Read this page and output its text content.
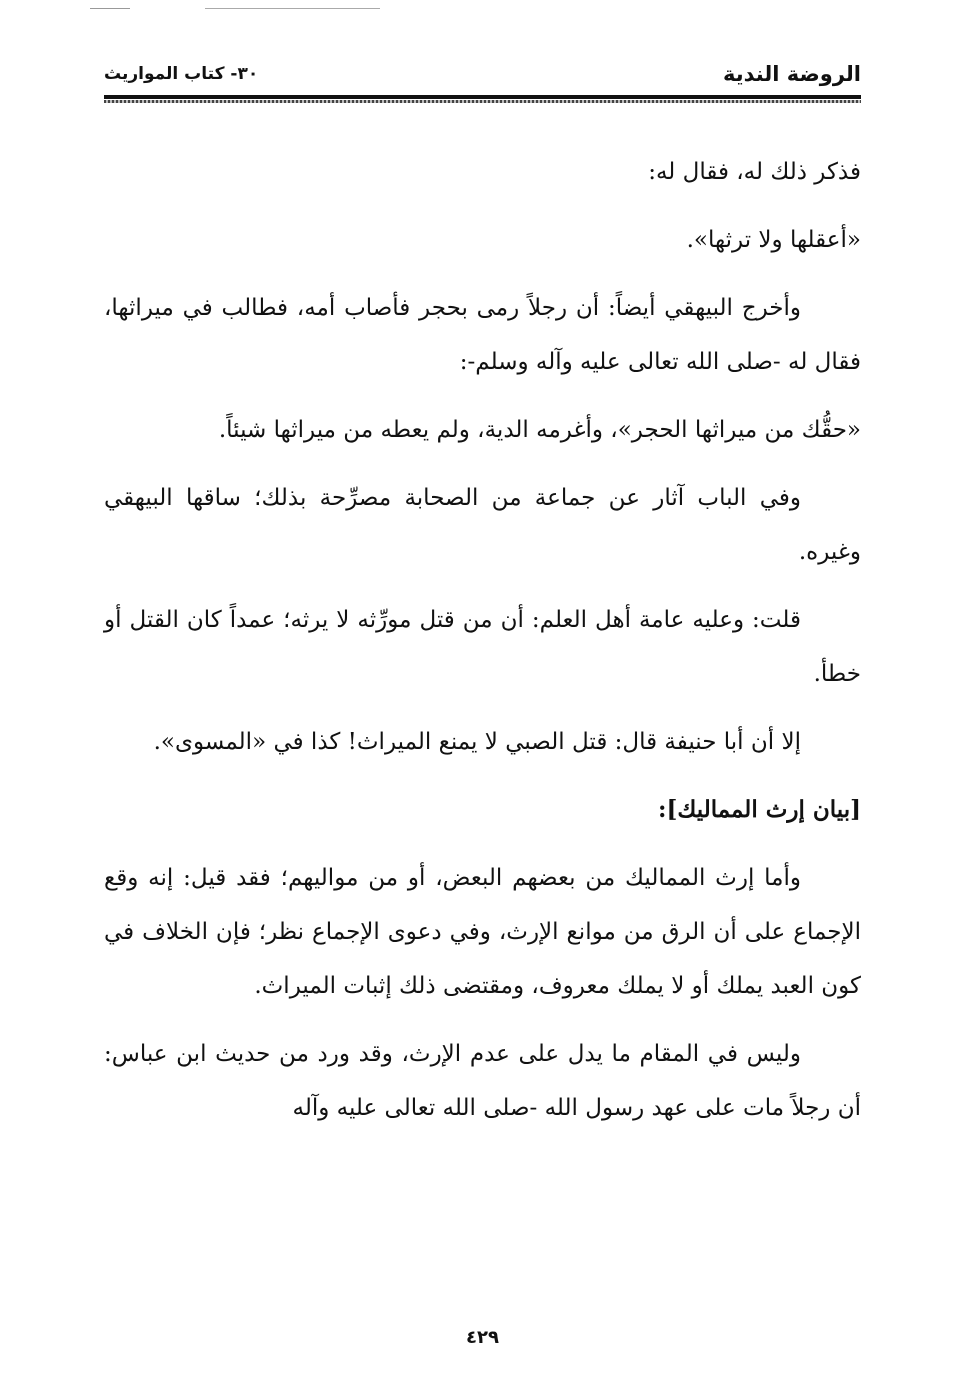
الروضة الندية
٣٠- كتاب المواريث

فذكر ذلك له، فقال له:

«أعقلها ولا ترثها».

وأخرج البيهقي أيضاً: أن رجلاً رمى بحجر فأصاب أمه، فطالب في ميراثها، فقال له -صلى الله تعالى عليه وآله وسلم-:

«حقُّك من ميراثها الحجر»، وأغرمه الدية، ولم يعطه من ميراثها شيئاً.

وفي الباب آثار عن جماعة من الصحابة مصرِّحة بذلك؛ ساقها البيهقي وغيره.

قلت: وعليه عامة أهل العلم: أن من قتل مورِّثه لا يرثه؛ عمداً كان القتل أو خطأ.

إلا أن أبا حنيفة قال: قتل الصبي لا يمنع الميراث! كذا في «المسوى».

[بيان إرث المماليك]:

وأما إرث المماليك من بعضهم البعض، أو من مواليهم؛ فقد قيل: إنه وقع الإجماع على أن الرق من موانع الإرث، وفي دعوى الإجماع نظر؛ فإن الخلاف في كون العبد يملك أو لا يملك معروف، ومقتضى ذلك إثبات الميراث.

وليس في المقام ما يدل على عدم الإرث، وقد ورد من حديث ابن عباس: أن رجلاً مات على عهد رسول الله -صلى الله تعالى عليه وآله

٤٢٩
